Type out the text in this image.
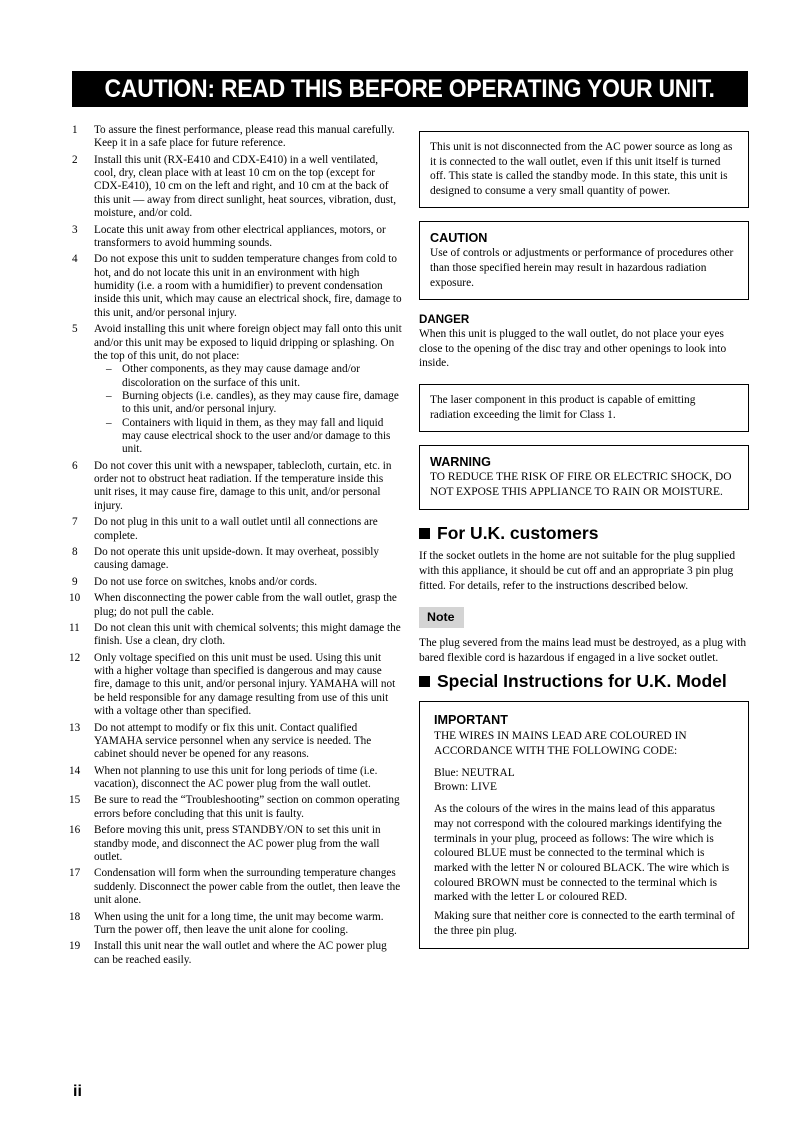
CAUTION: READ THIS BEFORE OPERATING YOUR UNIT.
1	To assure the finest performance, please read this manual carefully. Keep it in a safe place for future reference.
2	Install this unit (RX-E410 and CDX-E410) in a well ventilated, cool, dry, clean place with at least 10 cm on the top (except for CDX-E410), 10 cm on the left and right, and 10 cm at the back of this unit — away from direct sunlight, heat sources, vibration, dust, moisture, and/or cold.
3	Locate this unit away from other electrical appliances, motors, or transformers to avoid humming sounds.
4	Do not expose this unit to sudden temperature changes from cold to hot, and do not locate this unit in an environment with high humidity (i.e. a room with a humidifier) to prevent condensation inside this unit, which may cause an electrical shock, fire, damage to this unit, and/or personal injury.
5	Avoid installing this unit where foreign object may fall onto this unit and/or this unit may be exposed to liquid dripping or splashing. On the top of this unit, do not place:
– Other components, as they may cause damage and/or discoloration on the surface of this unit.
– Burning objects (i.e. candles), as they may cause fire, damage to this unit, and/or personal injury.
– Containers with liquid in them, as they may fall and liquid may cause electrical shock to the user and/or damage to this unit.
6	Do not cover this unit with a newspaper, tablecloth, curtain, etc. in order not to obstruct heat radiation. If the temperature inside this unit rises, it may cause fire, damage to this unit, and/or personal injury.
7	Do not plug in this unit to a wall outlet until all connections are complete.
8	Do not operate this unit upside-down. It may overheat, possibly causing damage.
9	Do not use force on switches, knobs and/or cords.
10	When disconnecting the power cable from the wall outlet, grasp the plug; do not pull the cable.
11	Do not clean this unit with chemical solvents; this might damage the finish. Use a clean, dry cloth.
12	Only voltage specified on this unit must be used. Using this unit with a higher voltage than specified is dangerous and may cause fire, damage to this unit, and/or personal injury. YAMAHA will not be held responsible for any damage resulting from use of this unit with a voltage other than specified.
13	Do not attempt to modify or fix this unit. Contact qualified YAMAHA service personnel when any service is needed. The cabinet should never be opened for any reasons.
14	When not planning to use this unit for long periods of time (i.e. vacation), disconnect the AC power plug from the wall outlet.
15	Be sure to read the “Troubleshooting” section on common operating errors before concluding that this unit is faulty.
16	Before moving this unit, press STANDBY/ON to set this unit in standby mode, and disconnect the AC power plug from the wall outlet.
17	Condensation will form when the surrounding temperature changes suddenly. Disconnect the power cable from the outlet, then leave the unit alone.
18	When using the unit for a long time, the unit may become warm. Turn the power off, then leave the unit alone for cooling.
19	Install this unit near the wall outlet and where the AC power plug can be reached easily.

This unit is not disconnected from the AC power source as long as it is connected to the wall outlet, even if this unit itself is turned off. This state is called the standby mode. In this state, this unit is designed to consume a very small quantity of power.

CAUTION

Use of controls or adjustments or performance of procedures other than those specified herein may result in hazardous radiation exposure.

DANGER

When this unit is plugged to the wall outlet, do not place your eyes close to the opening of the disc tray and other openings to look into inside.

The laser component in this product is capable of emitting radiation exceeding the limit for Class 1.

WARNING

TO REDUCE THE RISK OF FIRE OR ELECTRIC SHOCK, DO NOT EXPOSE THIS APPLIANCE TO RAIN OR MOISTURE.

For U.K. customers

If the socket outlets in the home are not suitable for the plug supplied with this appliance, it should be cut off and an appropriate 3 pin plug fitted. For details, refer to the instructions described below.

Note

The plug severed from the mains lead must be destroyed, as a plug with bared flexible cord is hazardous if engaged in a live socket outlet.

Special Instructions for U.K. Model

IMPORTANT

THE WIRES IN MAINS LEAD ARE COLOURED IN ACCORDANCE WITH THE FOLLOWING CODE:

Blue: NEUTRAL

Brown: LIVE

As the colours of the wires in the mains lead of this apparatus may not correspond with the coloured markings identifying the terminals in your plug, proceed as follows: The wire which is coloured BLUE must be connected to the terminal which is marked with the letter N or coloured BLACK. The wire which is coloured BROWN must be connected to the terminal which is marked with the letter L or coloured RED.

Making sure that neither core is connected to the earth terminal of the three pin plug.

ii
